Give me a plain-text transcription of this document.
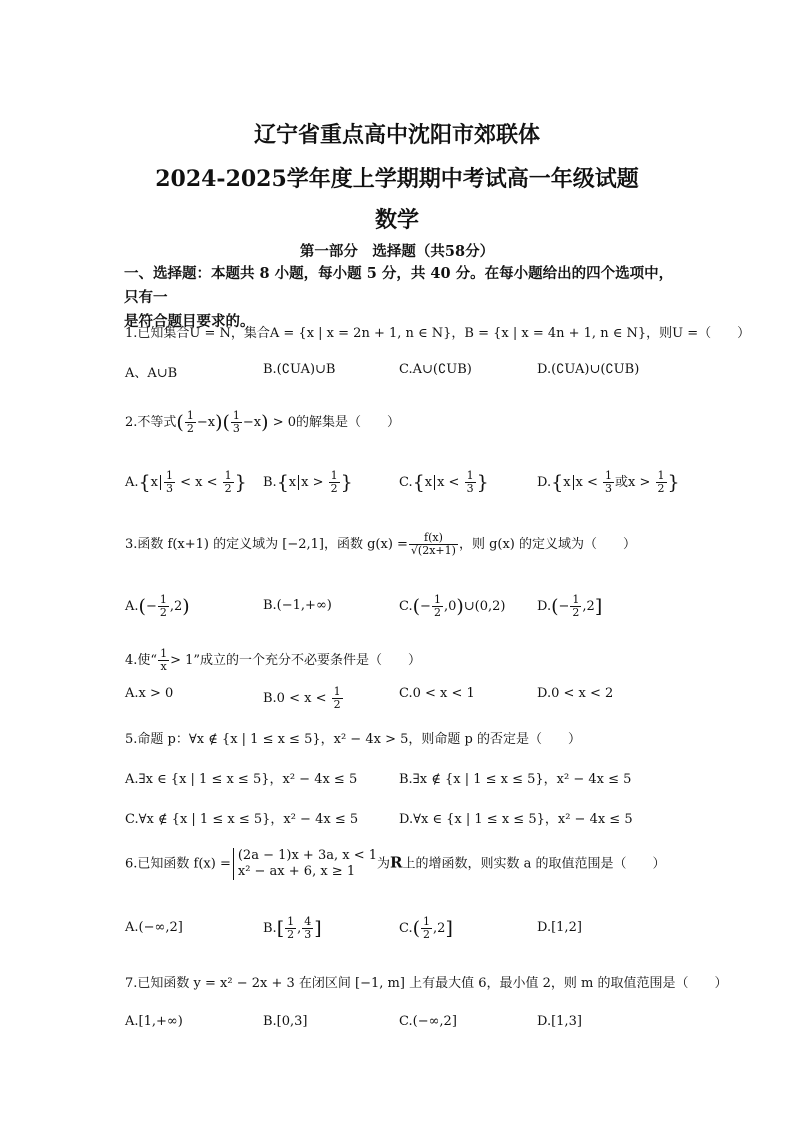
辽宁省重点高中沈阳市郊联体
2024-2025学年度上学期期中考试高一年级试题
数学
第一部分　选择题（共58分）
一、选择题：本题共 8 小题，每小题 5 分，共 40 分。在每小题给出的四个选项中，只有一
是符合题目要求的。
1.已知集合U = N，集合A = {x | x = 2n + 1, n ∈ N}，B = {x | x = 4n + 1, n ∈ N}，则U =（　　）
A、A∪B	B.(∁UA)∪B	C.A∪(∁UB)	D.(∁UA)∪(∁UB)
2.不等式( $\frac{1}{2} -x)( \frac{1}{3} -x) > 0$的解集是（　　）
$A.\{x \frac{1}{3} < x < \frac{1}{2}$ } B.{x $x > \frac{1}{2}$ }	C.{x $x < \frac{1}{3}$ }	D.{x $x < \frac{1}{3}$ 或$x > \frac{1}{2}$ }
3.函数 f(x+1) 的定义域为 [−2,1]，函数 $g(x) = \frac{f(x)}{√(2x+1)}$ ，则 g(x) 的定义域为（　　）
$A.(- \frac{1}{2} ,2)$	B.(−1,+∞)	$C.(- \frac{1}{2}$ ,0)∪(0,2) $D.(- \frac{1}{2} ,2]$
4.使“ $\frac{1}{x} > 1$”成立的一个充分不必要条件是（　　）
A.x > 0	$B.0 < x < \frac{1}{2}$	C.0 < x < 1	D.0 < x < 2
5.命题 p：∀x ∉ {x | 1 ≤ x ≤ 5}，x² − 4x > 5，则命题 p 的否定是（　　）
A.∃x ∈ {x | 1 ≤ x ≤ 5}，x² − 4x ≤ 5	B.∃x ∉ {x | 1 ≤ x ≤ 5}，x² − 4x ≤ 5
C.∀x ∉ {x | 1 ≤ x ≤ 5}，x² − 4x ≤ 5	D.∀x ∈ {x | 1 ≤ x ≤ 5}，x² − 4x ≤ 5
6.已知函数 f(x) =
(2a − 1)x + 3a, x < 1
x² − ax + 6, x ≥ 1	为R上的增函数，则实数 a 的取值范围是（　　）
A.(−∞,2]	$B.[ \frac{1}{2}$ , $\frac{4}{3}$ ]	$C.( \frac{1}{2} ,2]$	D.[1,2]
7.已知函数 y = x² − 2x + 3 在闭区间 [−1, m] 上有最大值 6，最小值 2，则 m 的取值范围是（　　）
A.[1,+∞)	B.[0,3]	C.(−∞,2]	D.[1,3]
